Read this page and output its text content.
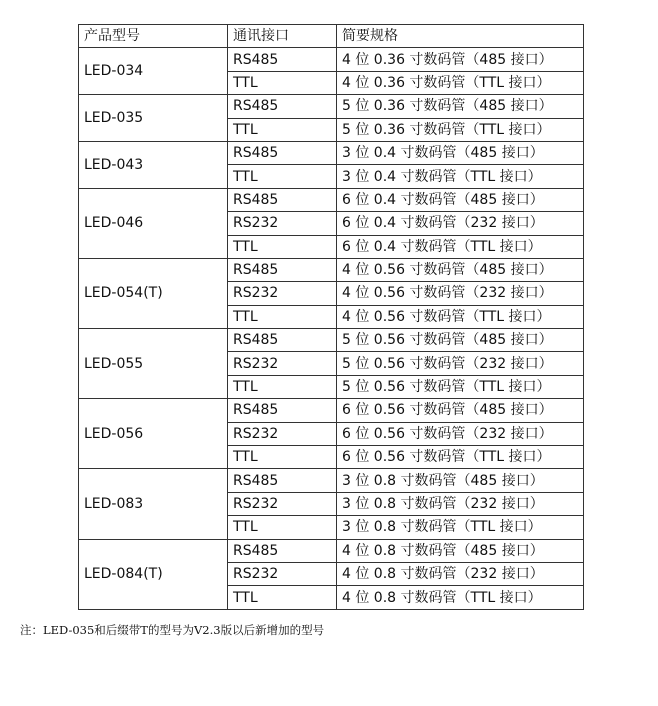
产品型号	通讯接口	简要规格
LED-034	RS485	4 位 0.36 寸数码管（485 接口）
	TTL	4 位 0.36 寸数码管（TTL 接口）
LED-035	RS485	5 位 0.36 寸数码管（485 接口）
	TTL	5 位 0.36 寸数码管（TTL 接口）
LED-043	RS485	3 位 0.4 寸数码管（485 接口）
	TTL	3 位 0.4 寸数码管（TTL 接口）
LED-046	RS485	6 位 0.4 寸数码管（485 接口）
	RS232	6 位 0.4 寸数码管（232 接口）
	TTL	6 位 0.4 寸数码管（TTL 接口）
LED-054(T)	RS485	4 位 0.56 寸数码管（485 接口）
	RS232	4 位 0.56 寸数码管（232 接口）
	TTL	4 位 0.56 寸数码管（TTL 接口）
LED-055	RS485	5 位 0.56 寸数码管（485 接口）
	RS232	5 位 0.56 寸数码管（232 接口）
	TTL	5 位 0.56 寸数码管（TTL 接口）
LED-056	RS485	6 位 0.56 寸数码管（485 接口）
	RS232	6 位 0.56 寸数码管（232 接口）
	TTL	6 位 0.56 寸数码管（TTL 接口）
LED-083	RS485	3 位 0.8 寸数码管（485 接口）
	RS232	3 位 0.8 寸数码管（232 接口）
	TTL	3 位 0.8 寸数码管（TTL 接口）
LED-084(T)	RS485	4 位 0.8 寸数码管（485 接口）
	RS232	4 位 0.8 寸数码管（232 接口）
	TTL	4 位 0.8 寸数码管（TTL 接口）
注：LED-035和后缀带T的型号为V2.3版以后新增加的型号
